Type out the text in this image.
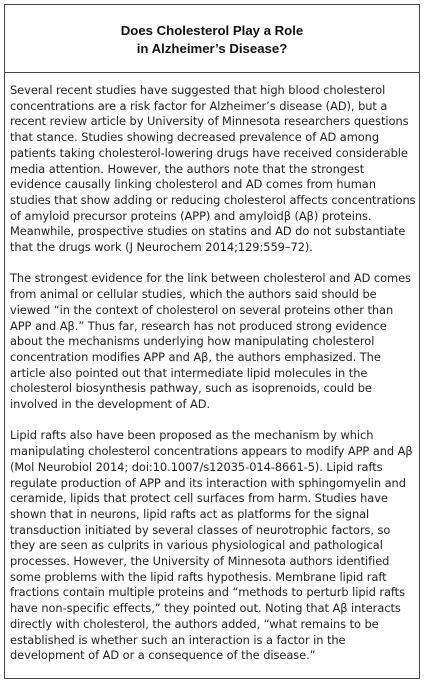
Does Cholesterol Play a Role
in Alzheimer’s Disease?
Several recent studies have suggested that high blood cholesterol
concentrations are a risk factor for Alzheimer’s disease (AD), but a
recent review article by University of Minnesota researchers questions
that stance. Studies showing decreased prevalence of AD among
patients taking cholesterol-lowering drugs have received considerable
media attention. However, the authors note that the strongest
evidence causally linking cholesterol and AD comes from human
studies that show adding or reducing cholesterol affects concentrations
of amyloid precursor proteins (APP) and amyloidβ (Aβ) proteins.
Meanwhile, prospective studies on statins and AD do not substantiate
that the drugs work (J Neurochem 2014;129:559–72).
The strongest evidence for the link between cholesterol and AD comes
from animal or cellular studies, which the authors said should be
viewed “in the context of cholesterol on several proteins other than
APP and Aβ.” Thus far, research has not produced strong evidence
about the mechanisms underlying how manipulating cholesterol
concentration modifies APP and Aβ, the authors emphasized. The
article also pointed out that intermediate lipid molecules in the
cholesterol biosynthesis pathway, such as isoprenoids, could be
involved in the development of AD.
Lipid rafts also have been proposed as the mechanism by which
manipulating cholesterol concentrations appears to modify APP and Aβ
(Mol Neurobiol 2014; doi:10.1007/s12035-014-8661-5). Lipid rafts
regulate production of APP and its interaction with sphingomyelin and
ceramide, lipids that protect cell surfaces from harm. Studies have
shown that in neurons, lipid rafts act as platforms for the signal
transduction initiated by several classes of neurotrophic factors, so
they are seen as culprits in various physiological and pathological
processes. However, the University of Minnesota authors identified
some problems with the lipid rafts hypothesis. Membrane lipid raft
fractions contain multiple proteins and “methods to perturb lipid rafts
have non-specific effects,” they pointed out. Noting that Aβ interacts
directly with cholesterol, the authors added, “what remains to be
established is whether such an interaction is a factor in the
development of AD or a consequence of the disease.”
